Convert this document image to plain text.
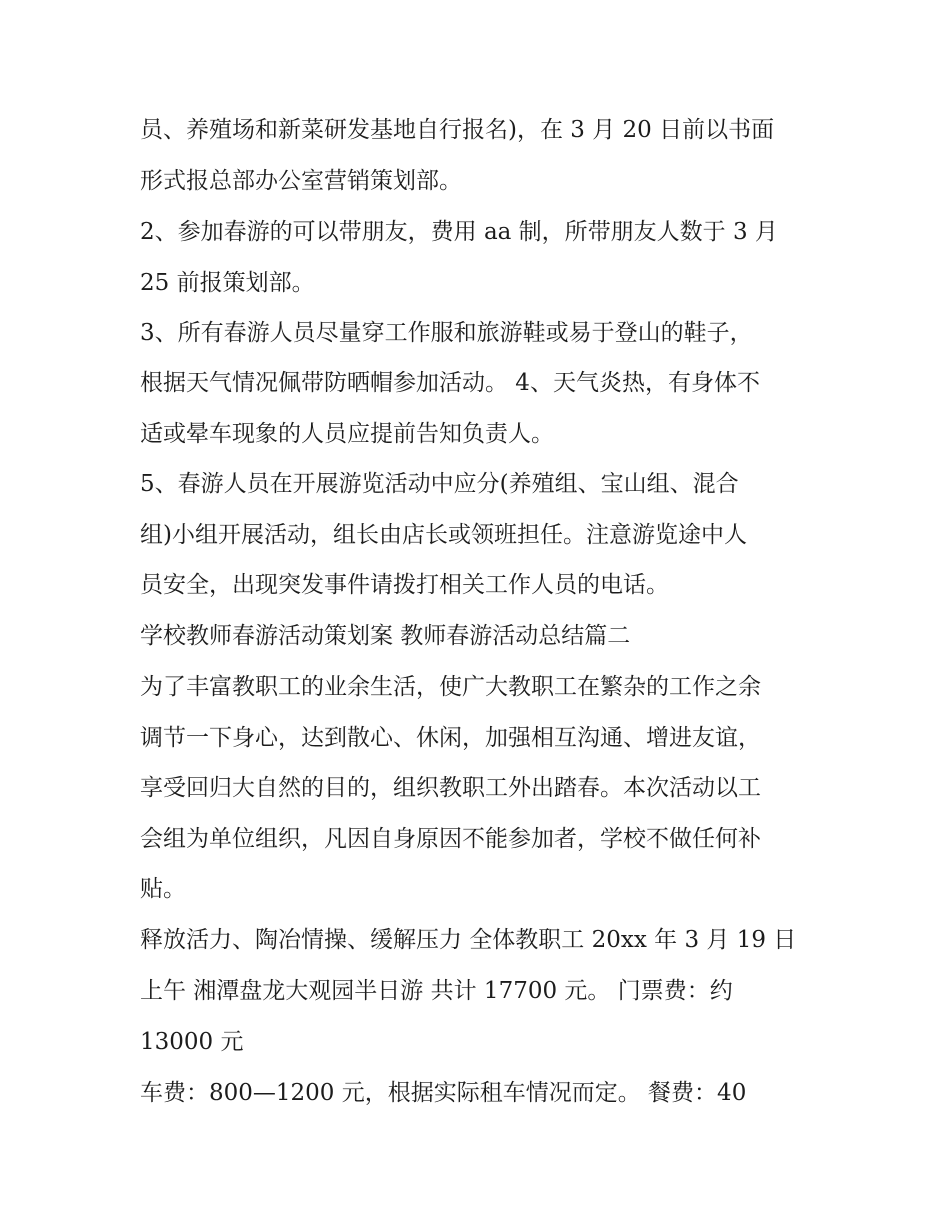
员、养殖场和新菜研发基地自行报名)，在 3 月 20 日前以书面
形式报总部办公室营销策划部。
2、参加春游的可以带朋友，费用 aa 制，所带朋友人数于 3 月
25 前报策划部。
3、所有春游人员尽量穿工作服和旅游鞋或易于登山的鞋子，
根据天气情况佩带防晒帽参加活动。 4、天气炎热，有身体不
适或晕车现象的人员应提前告知负责人。
5、春游人员在开展游览活动中应分(养殖组、宝山组、混合
组)小组开展活动，组长由店长或领班担任。注意游览途中人
员安全，出现突发事件请拨打相关工作人员的电话。
学校教师春游活动策划案 教师春游活动总结篇二
为了丰富教职工的业余生活，使广大教职工在繁杂的工作之余
调节一下身心，达到散心、休闲，加强相互沟通、增进友谊，
享受回归大自然的目的，组织教职工外出踏春。本次活动以工
会组为单位组织，凡因自身原因不能参加者，学校不做任何补
贴。
释放活力、陶冶情操、缓解压力 全体教职工 20xx 年 3 月 19 日
上午 湘潭盘龙大观园半日游 共计 17700 元。 门票费：约
13000 元
车费：800—1200 元，根据实际租车情况而定。 餐费：40
